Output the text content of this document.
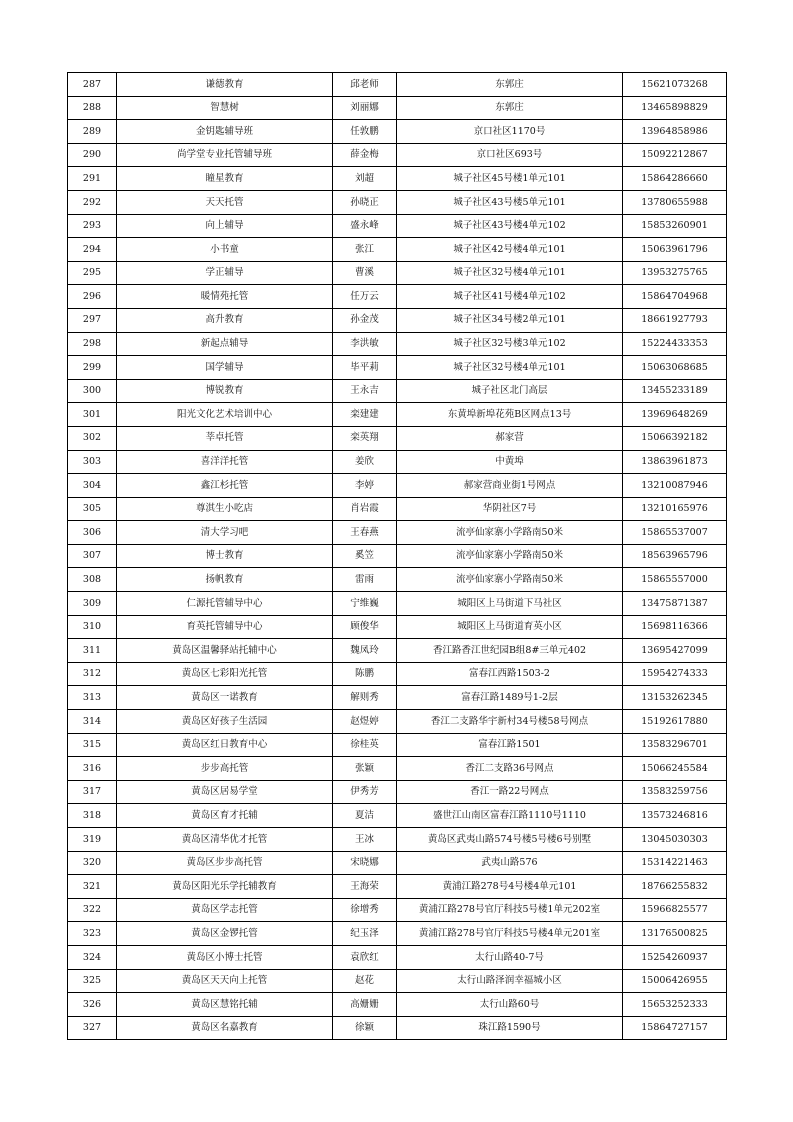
287	谦德教育	邱老师	东郭庄	15621073268
288	智慧树	刘丽娜	东郭庄	13465898829
289	金钥匙辅导班	任敦鹏	京口社区1170号	13964858986
290	尚学堂专业托管辅导班	薛金梅	京口社区693号	15092212867
291	瞳星教育	刘超	城子社区45号楼1单元101	15864286660
292	天天托管	孙晓正	城子社区43号楼5单元101	13780655988
293	向上辅导	盛永峰	城子社区43号楼4单元102	15853260901
294	小书童	张江	城子社区42号楼4单元101	15063961796
295	学正辅导	曹溪	城子社区32号楼4单元101	13953275765
296	暖情苑托管	任万云	城子社区41号楼4单元102	15864704968
297	高升教育	孙金茂	城子社区34号楼2单元101	18661927793
298	新起点辅导	李洪敏	城子社区32号楼3单元102	15224433353
299	国学辅导	毕平莉	城子社区32号楼4单元101	15063068685
300	博锐教育	王永吉	城子社区北门高层	13455233189
301	阳光文化艺术培训中心	栾建建	东黄埠新埠花苑B区网点13号	13969648269
302	莘卓托管	栾英翔	郝家营	15066392182
303	喜洋洋托管	姜欣	中黄埠	13863961873
304	鑫江杉托管	李婷	郝家营商业街1号网点	13210087946
305	尊淇生小吃店	肖岩霞	华阴社区7号	13210165976
306	清大学习吧	王春燕	流亭仙家寨小学路南50米	15865537007
307	博士教育	奚笠	流亭仙家寨小学路南50米	18563965796
308	扬帆教育	雷雨	流亭仙家寨小学路南50米	15865557000
309	仁源托管辅导中心	宁维巍	城阳区上马街道下马社区	13475871387
310	育英托管辅导中心	顾俊华	城阳区上马街道育英小区	15698116366
311	黄岛区温馨驿站托辅中心	魏凤玲	香江路香江世纪园B组8#三单元402	13695427099
312	黄岛区七彩阳光托管	陈鹏	富春江西路1503-2	15954274333
313	黄岛区一诺教育	解则秀	富春江路1489号1-2层	13153262345
314	黄岛区好孩子生活园	赵煜婷	香江二支路华宇新村34号楼58号网点	15192617880
315	黄岛区红日教育中心	徐桂英	富春江路1501	13583296701
316	步步高托管	张颖	香江二支路36号网点	15066245584
317	黄岛区居易学堂	伊秀芳	香江一路22号网点	13583259756
318	黄岛区育才托辅	夏洁	盛世江山南区富春江路1110号1110	13573246816
319	黄岛区清华优才托管	王冰	黄岛区武夷山路574号楼5号楼6号别墅	13045030303
320	黄岛区步步高托管	宋晓娜	武夷山路576	15314221463
321	黄岛区阳光乐学托辅教育	王海荣	黄浦江路278号4号楼4单元101	18766255832
322	黄岛区学志托管	徐增秀	黄浦江路278号官厅科技5号楼1单元202室	15966825577
323	黄岛区金锣托管	纪玉泽	黄浦江路278号官厅科技5号楼4单元201室	13176500825
324	黄岛区小博士托管	袁欣红	太行山路40-7号	15254260937
325	黄岛区天天向上托管	赵花	太行山路泽润幸福城小区	15006426955
326	黄岛区慧铭托辅	高姗姗	太行山路60号	15653252333
327	黄岛区名嘉教育	徐颖	珠江路1590号	15864727157
